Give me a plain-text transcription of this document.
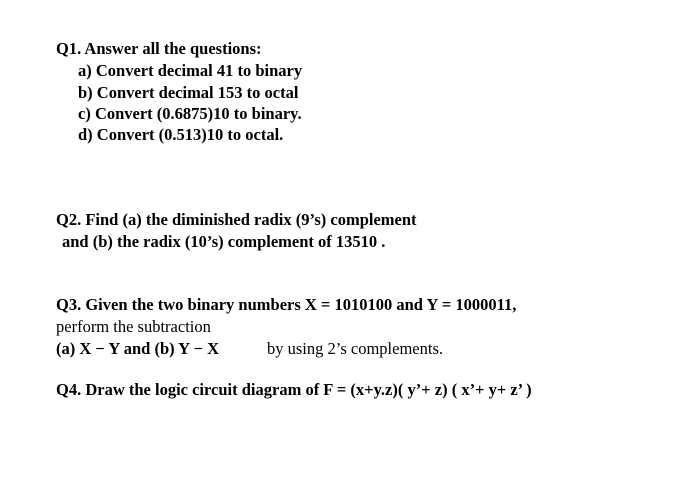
Q1. Answer all the questions:
a) Convert decimal 41 to binary
b) Convert decimal 153 to octal
c) Convert (0.6875)10 to binary.
d) Convert (0.513)10 to octal.
Q2. Find (a) the diminished radix (9’s) complement
and (b) the radix (10’s) complement of 13510 .
Q3. Given the two binary numbers X = 1010100 and Y = 1000011,
perform the subtraction
(a) X − Y and (b) Y − X	by using 2’s complements.
Q4. Draw the logic circuit diagram of F = (x+y.z)( y’+ z) ( x’+ y+ z’ )
